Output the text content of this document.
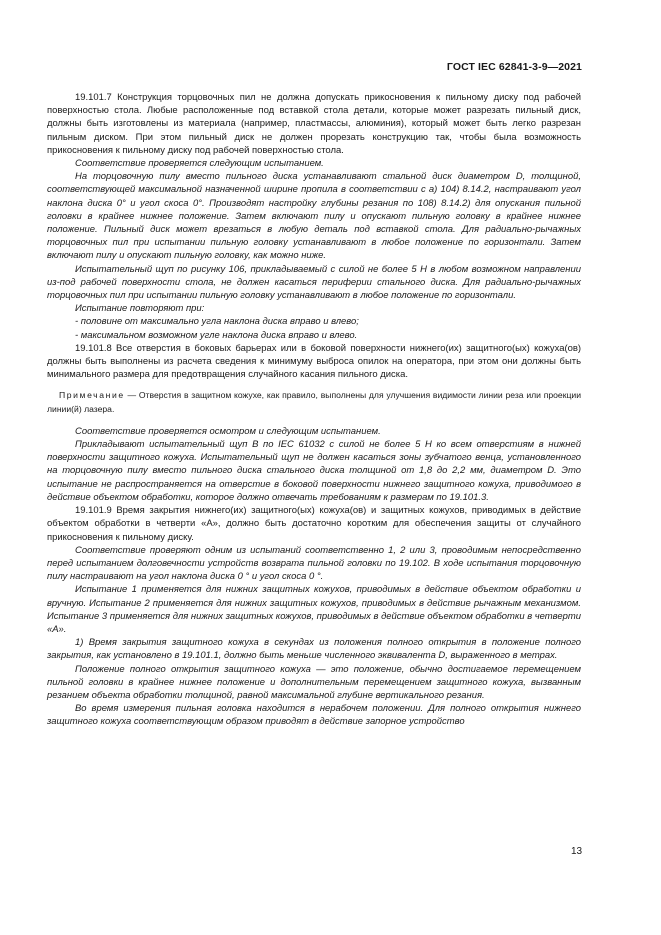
ГОСТ IEC 62841-3-9—2021

19.101.7 Конструкция торцовочных пил не должна допускать прикосновения к пильному диску под рабочей поверхностью стола. Любые расположенные под вставкой стола детали, которые может разрезать пильный диск, должны быть изготовлены из материала (например, пластмассы, алюминия), который может быть легко разрезан пильным диском. При этом пильный диск не должен прорезать конструкцию так, чтобы была возможность прикосновения к пильному диску под рабочей поверхностью стола.

Соответствие проверяется следующим испытанием.

На торцовочную пилу вместо пильного диска устанавливают стальной диск диаметром D, толщиной, соответствующей максимальной назначенной ширине пропила в соответствии с а) 104) 8.14.2, настраивают угол наклона диска 0° и угол скоса 0°. Производят настройку глубины резания по 108) 8.14.2) для опускания пильной головки в крайнее нижнее положение. Затем включают пилу и опускают пильную головку в крайнее нижнее положение. Пильный диск может врезаться в любую деталь под вставкой стола. Для радиально-рычажных торцовочных пил при испытании пильную головку устанавливают в любое положение по горизонтали. Затем включают пилу и опускают пильную головку, как можно ниже.

Испытательный щуп по рисунку 106, прикладываемый с силой не более 5 Н в любом возможном направлении из-под рабочей поверхности стола, не должен касаться периферии стального диска. Для радиально-рычажных торцовочных пил при испытании пильную головку устанавливают в любое положение по горизонтали.

Испытание повторяют при:

- половине от максимально угла наклона диска вправо и влево;

- максимальном возможном угле наклона диска вправо и влево.

19.101.8 Все отверстия в боковых барьерах или в боковой поверхности нижнего(их) защитного(ых) кожуха(ов) должны быть выполнены из расчета сведения к минимуму выброса опилок на оператора, при этом они должны быть минимального размера для предотвращения случайного касания пильного диска.

Примечание — Отверстия в защитном кожухе, как правило, выполнены для улучшения видимости линии реза или проекции линии(й) лазера.

Соответствие проверяется осмотром и следующим испытанием.

Прикладывают испытательный щуп В по IEC 61032 с силой не более 5 Н ко всем отверстиям в нижней поверхности защитного кожуха. Испытательный щуп не должен касаться зоны зубчатого венца, установленного на торцовочную пилу вместо пильного диска стального диска толщиной от 1,8 до 2,2 мм, диаметром D. Это испытание не распространяется на отверстие в боковой поверхности нижнего защитного кожуха, приводимого в действие объектом обработки, которое должно отвечать требованиям к размерам по 19.101.3.

19.101.9 Время закрытия нижнего(их) защитного(ых) кожуха(ов) и защитных кожухов, приводимых в действие объектом обработки в четверти «А», должно быть достаточно коротким для обеспечения защиты от случайного прикосновения к пильному диску.

Соответствие проверяют одним из испытаний соответственно 1, 2 или 3, проводимым непосредственно перед испытанием долговечности устройств возврата пильной головки по 19.102. В ходе испытания торцовочную пилу настраивают на угол наклона диска 0 ° и угол скоса 0 °.

Испытание 1 применяется для нижних защитных кожухов, приводимых в действие объектом обработки и вручную. Испытание 2 применяется для нижних защитных кожухов, приводимых в действие рычажным механизмом. Испытание 3 применяется для нижних защитных кожухов, приводимых в действие объектом обработки в четверти «А».

1) Время закрытия защитного кожуха в секундах из положения полного открытия в положение полного закрытия, как установлено в 19.101.1, должно быть меньше численного эквивалента D, выраженного в метрах.

Положение полного открытия защитного кожуха — это положение, обычно достигаемое перемещением пильной головки в крайнее нижнее положение и дополнительным перемещением защитного кожуха, вызванным резанием объекта обработки толщиной, равной максимальной глубине вертикального резания.

Во время измерения пильная головка находится в нерабочем положении. Для полного открытия нижнего защитного кожуха соответствующим образом приводят в действие запорное устройство

13
